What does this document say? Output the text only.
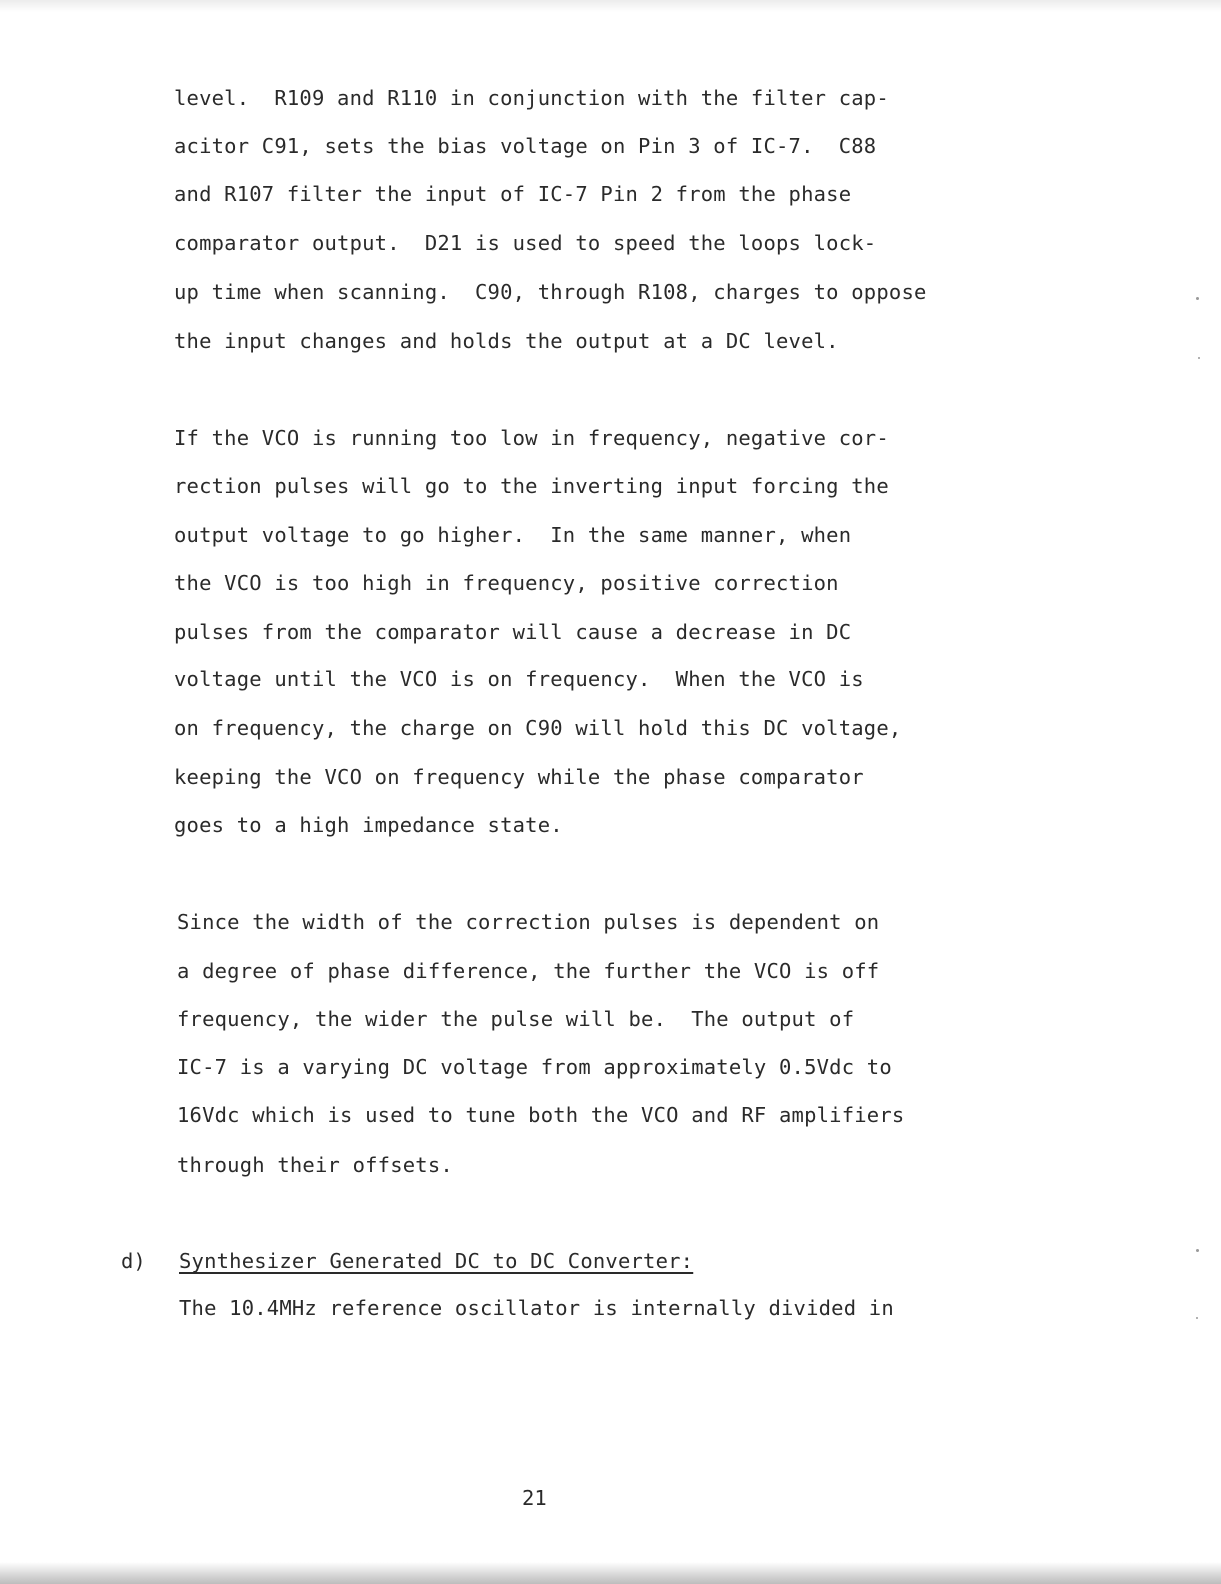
level.  R109 and R110 in conjunction with the filter cap-
acitor C91, sets the bias voltage on Pin 3 of IC-7.  C88
and R107 filter the input of IC-7 Pin 2 from the phase
comparator output.  D21 is used to speed the loops lock-
up time when scanning.  C90, through R108, charges to oppose
the input changes and holds the output at a DC level.
If the VCO is running too low in frequency, negative cor-
rection pulses will go to the inverting input forcing the
output voltage to go higher.  In the same manner, when
the VCO is too high in frequency, positive correction
pulses from the comparator will cause a decrease in DC
voltage until the VCO is on frequency.  When the VCO is
on frequency, the charge on C90 will hold this DC voltage,
keeping the VCO on frequency while the phase comparator
goes to a high impedance state.
Since the width of the correction pulses is dependent on
a degree of phase difference, the further the VCO is off
frequency, the wider the pulse will be.  The output of
IC-7 is a varying DC voltage from approximately 0.5Vdc to
16Vdc which is used to tune both the VCO and RF amplifiers
through their offsets.
d) Synthesizer Generated DC to DC Converter:
The 10.4MHz reference oscillator is internally divided in
21
